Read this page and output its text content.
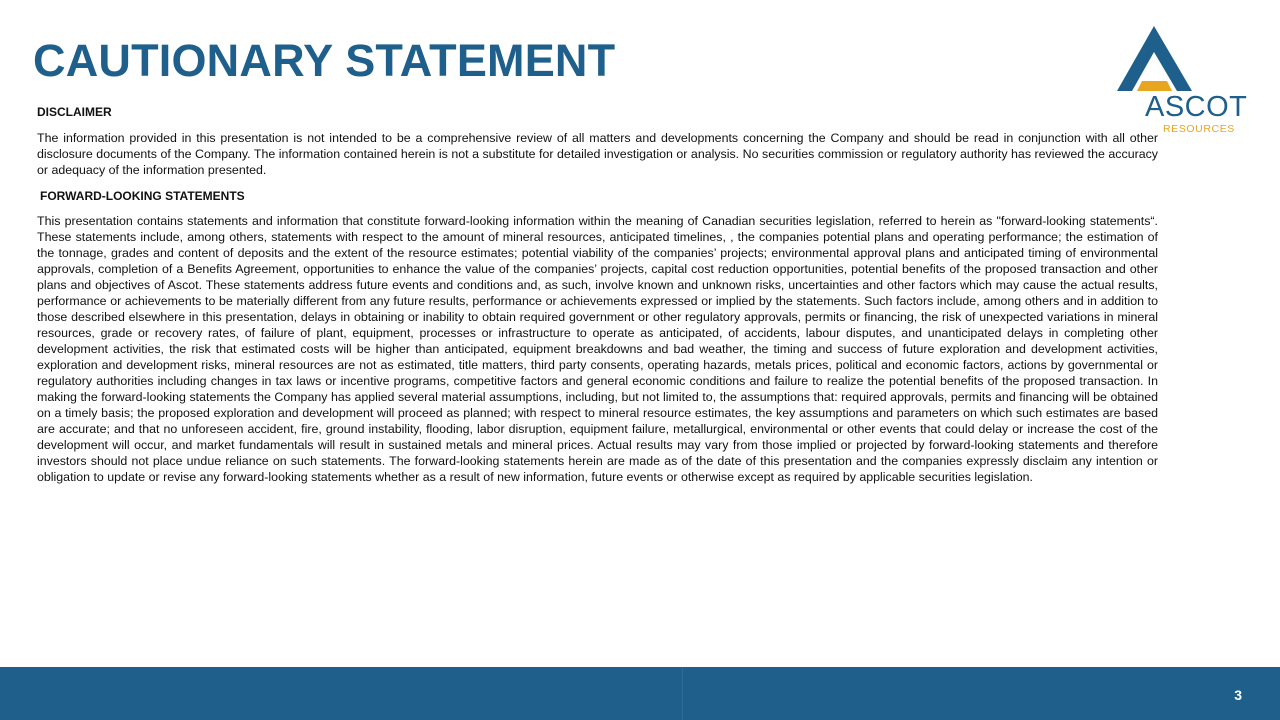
CAUTIONARY STATEMENT
ASCOT
RESOURCES

DISCLAIMER

The information provided in this presentation is not intended to be a comprehensive review of all matters and developments concerning the Company and should be read in conjunction with all other disclosure documents of the Company. The information contained herein is not a substitute for detailed investigation or analysis. No securities commission or regulatory authority has reviewed the accuracy or adequacy of the information presented.

FORWARD-LOOKING STATEMENTS

This presentation contains statements and information that constitute forward-looking information within the meaning of Canadian securities legislation, referred to herein as "forward-looking statements“. These statements include, among others, statements with respect to the amount of mineral resources, anticipated timelines, , the companies potential plans and operating performance; the estimation of the tonnage, grades and content of deposits and the extent of the resource estimates; potential viability of the companies’ projects; environmental approval plans and anticipated timing of environmental approvals, completion of a Benefits Agreement, opportunities to enhance the value of the companies’ projects, capital cost reduction opportunities, potential benefits of the proposed transaction and other plans and objectives of Ascot. These statements address future events and conditions and, as such, involve known and unknown risks, uncertainties and other factors which may cause the actual results, performance or achievements to be materially different from any future results, performance or achievements expressed or implied by the statements. Such factors include, among others and in addition to those described elsewhere in this presentation, delays in obtaining or inability to obtain required government or other regulatory approvals, permits or financing, the risk of unexpected variations in mineral resources, grade or recovery rates, of failure of plant, equipment, processes or infrastructure to operate as anticipated, of accidents, labour disputes, and unanticipated delays in completing other development activities, the risk that estimated costs will be higher than anticipated, equipment breakdowns and bad weather, the timing and success of future exploration and development activities, exploration and development risks, mineral resources are not as estimated, title matters, third party consents, operating hazards, metals prices, political and economic factors, actions by governmental or regulatory authorities including changes in tax laws or incentive programs, competitive factors and general economic conditions and failure to realize the potential benefits of the proposed transaction. In making the forward-looking statements the Company has applied several material assumptions, including, but not limited to, the assumptions that: required approvals, permits and financing will be obtained on a timely basis; the proposed exploration and development will proceed as planned; with respect to mineral resource estimates, the key assumptions and parameters on which such estimates are based are accurate; and that no unforeseen accident, fire, ground instability, flooding, labor disruption, equipment failure, metallurgical, environmental or other events that could delay or increase the cost of the development will occur, and market fundamentals will result in sustained metals and mineral prices. Actual results may vary from those implied or projected by forward-looking statements and therefore investors should not place undue reliance on such statements. The forward-looking statements herein are made as of the date of this presentation and the companies expressly disclaim any intention or obligation to update or revise any forward-looking statements whether as a result of new information, future events or otherwise except as required by applicable securities legislation.

3
